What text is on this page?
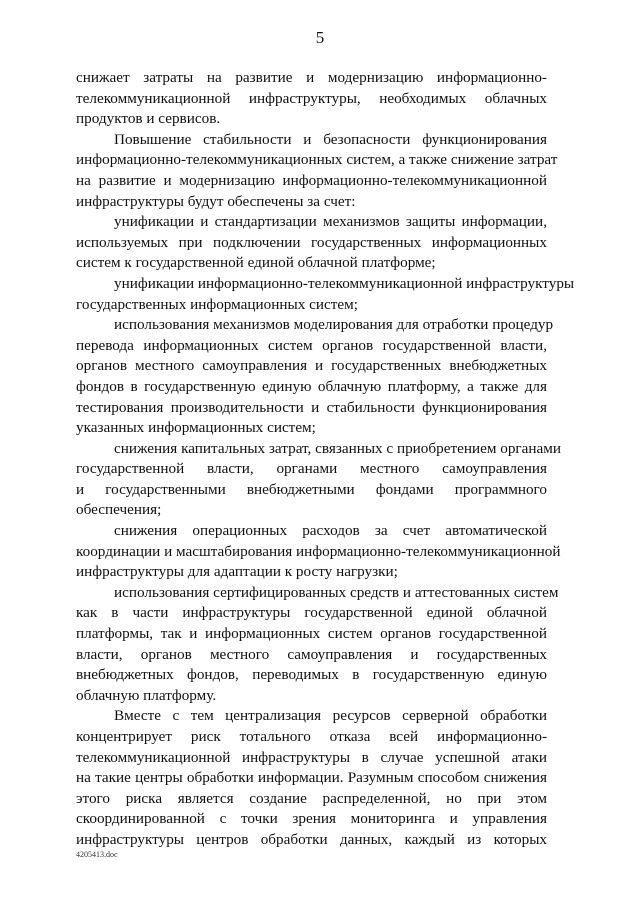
5
снижает затраты на развитие и модернизацию информационно-
телекоммуникационной инфраструктуры, необходимых облачных
продуктов и сервисов.
Повышение стабильности и безопасности функционирования
информационно-телекоммуникационных систем, а также снижение затрат
на развитие и модернизацию информационно-телекоммуникационной
инфраструктуры будут обеспечены за счет:
унификации и стандартизации механизмов защиты информации,
используемых при подключении государственных информационных
систем к государственной единой облачной платформе;
унификации информационно-телекоммуникационной инфраструктуры
государственных информационных систем;
использования механизмов моделирования для отработки процедур
перевода информационных систем органов государственной власти,
органов местного самоуправления и государственных внебюджетных
фондов в государственную единую облачную платформу, а также для
тестирования производительности и стабильности функционирования
указанных информационных систем;
снижения капитальных затрат, связанных с приобретением органами
государственной власти, органами местного самоуправления
и государственными внебюджетными фондами программного
обеспечения;
снижения операционных расходов за счет автоматической
координации и масштабирования информационно-телекоммуникационной
инфраструктуры для адаптации к росту нагрузки;
использования сертифицированных средств и аттестованных систем
как в части инфраструктуры государственной единой облачной
платформы, так и информационных систем органов государственной
власти, органов местного самоуправления и государственных
внебюджетных фондов, переводимых в государственную единую
облачную платформу.
Вместе с тем централизация ресурсов серверной обработки
концентрирует риск тотального отказа всей информационно-
телекоммуникационной инфраструктуры в случае успешной атаки
на такие центры обработки информации. Разумным способом снижения
этого риска является создание распределенной, но при этом
скоординированной с точки зрения мониторинга и управления
инфраструктуры центров обработки данных, каждый из которых
4205413.doc
